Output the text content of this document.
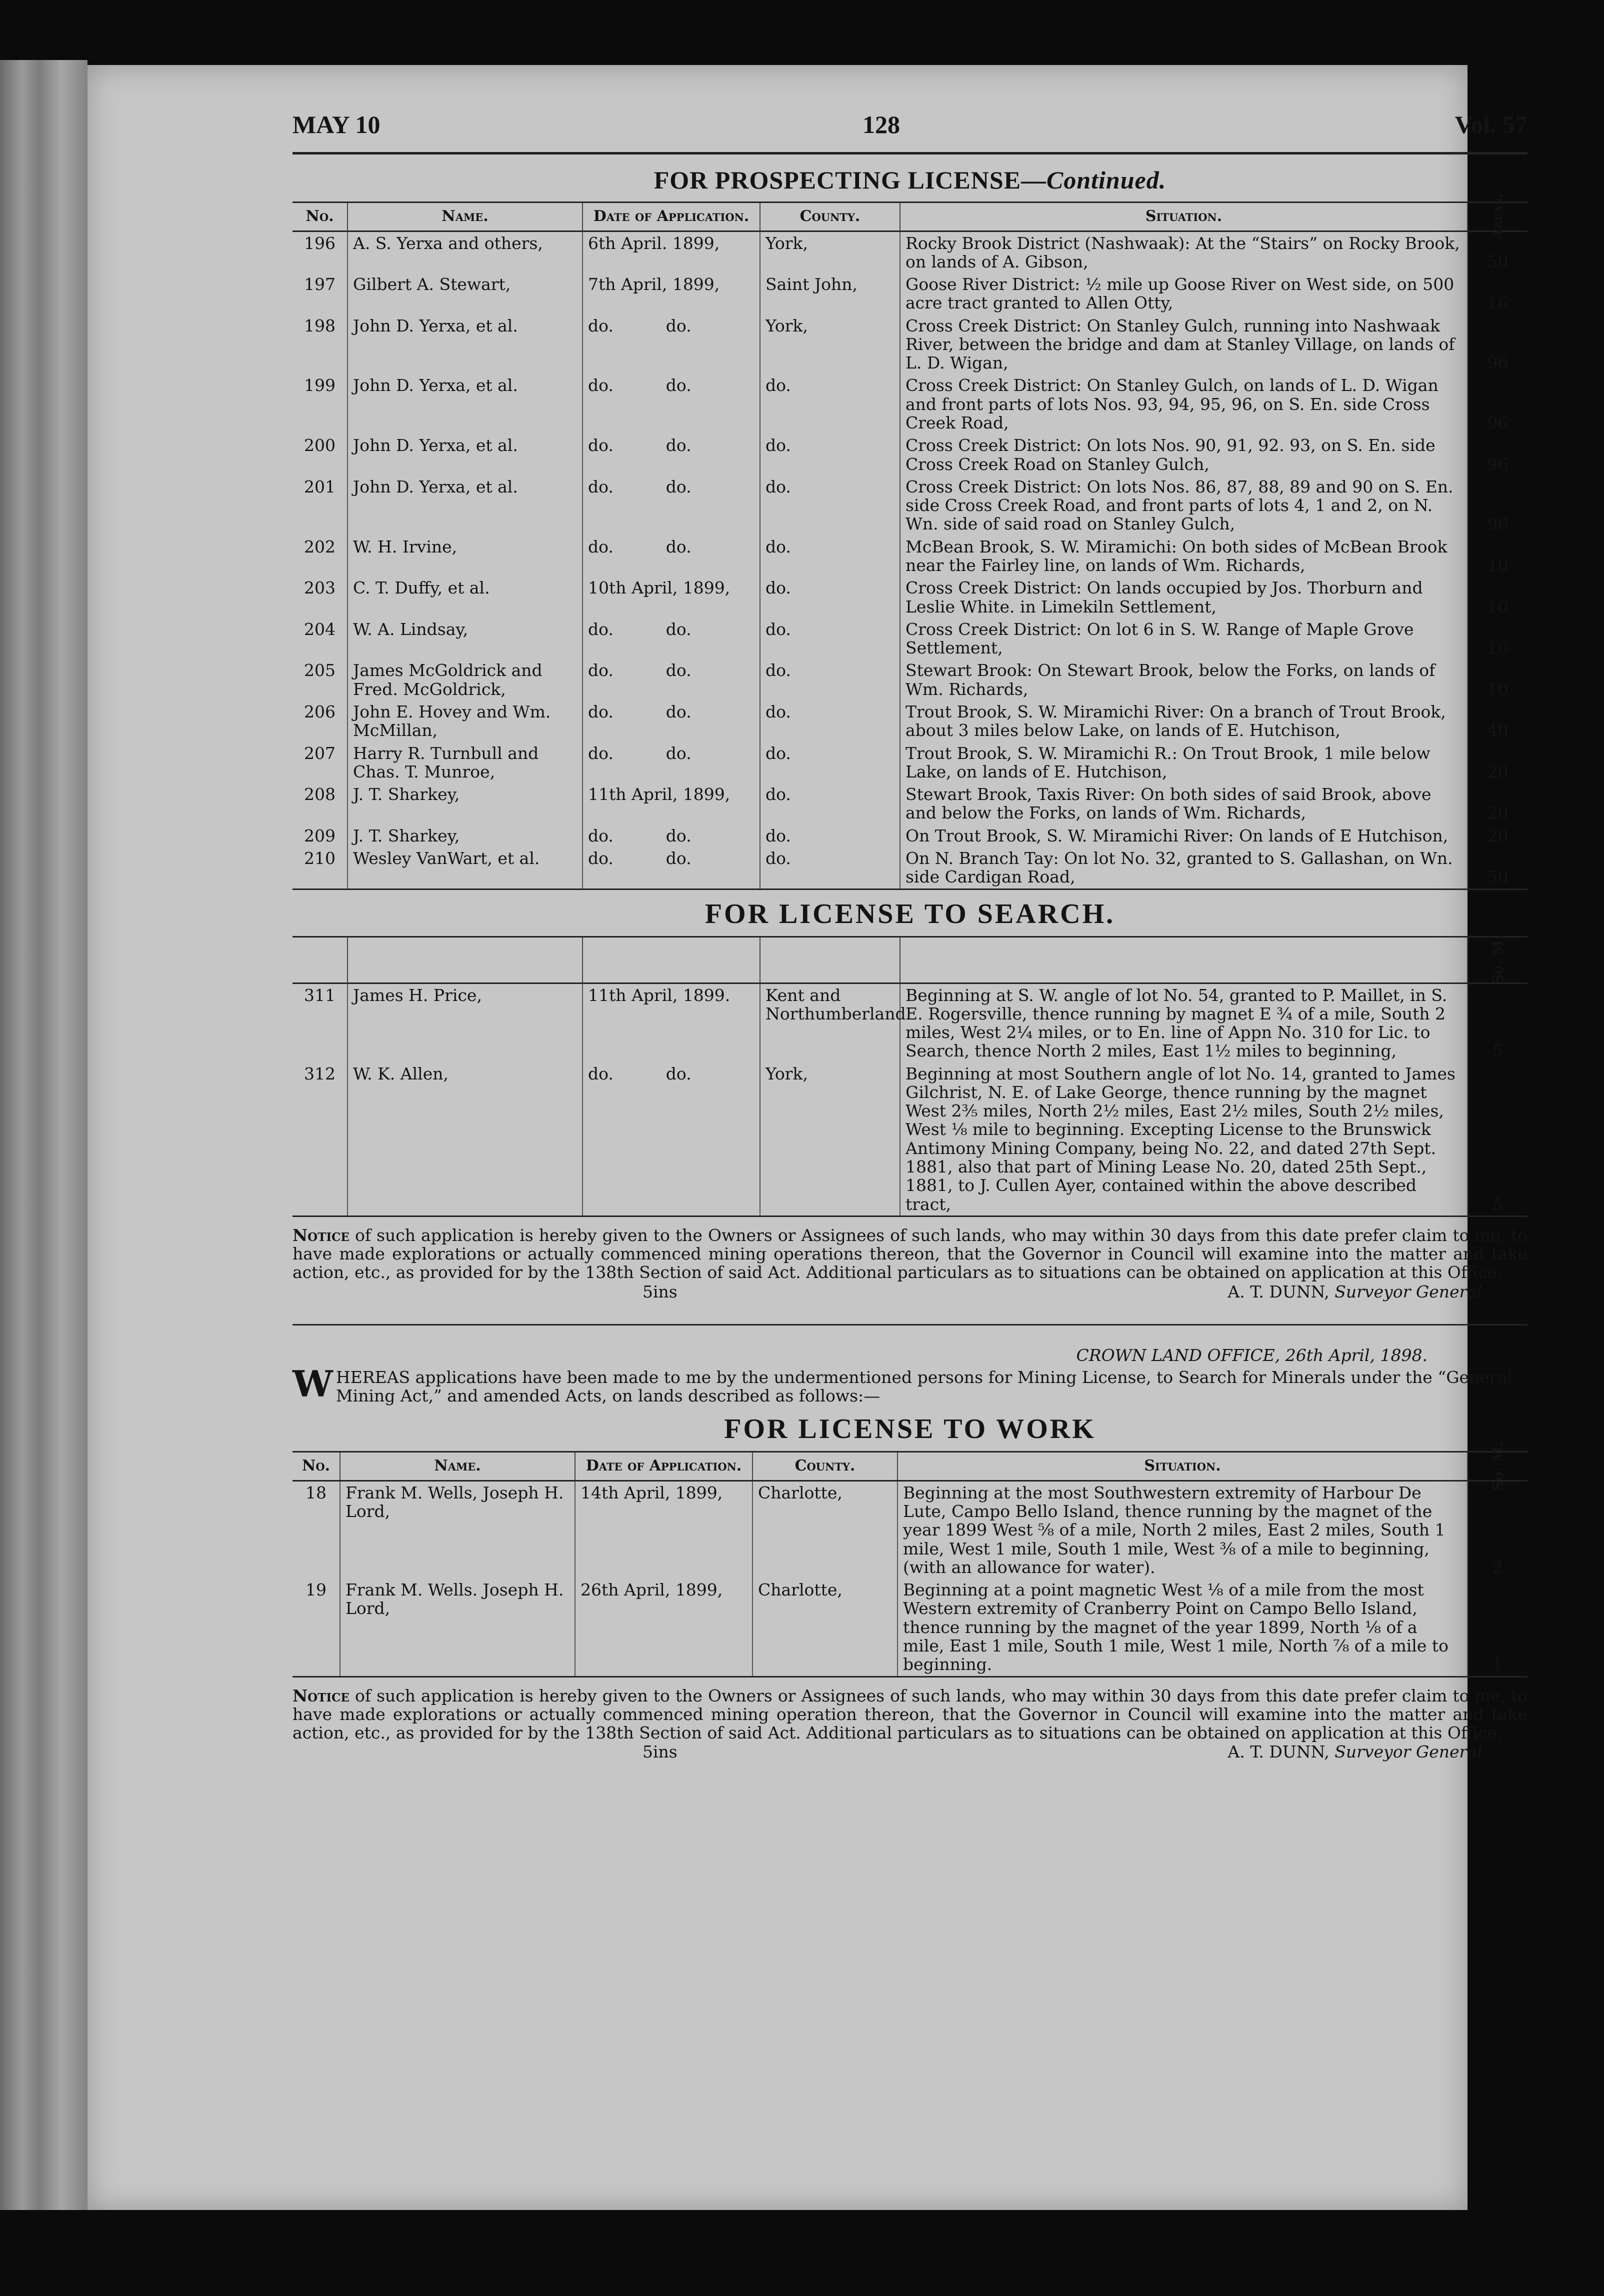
MAY 10	128	Vol. 57
FOR PROSPECTING LICENSE—Continued.
No.	Name.	Date of Application.	County.	Situation.	Areas.
196	A. S. Yerxa and others,	6th April. 1899,	York,	Rocky Brook District (Nashwaak): At the “Stairs” on Rocky Brook, on lands of A. Gibson,	50
197	Gilbert A. Stewart,	7th April, 1899,	Saint John,	Goose River District: ½ mile up Goose River on West side, on 500 acre tract granted to Allen Otty,	16
198	John D. Yerxa, et al.	do.          do.	York,	Cross Creek District: On Stanley Gulch, running into Nashwaak River, between the bridge and dam at Stanley Village, on lands of L. D. Wigan,	96
199	John D. Yerxa, et al.	do.          do.	do.	Cross Creek District: On Stanley Gulch, on lands of L. D. Wigan and front parts of lots Nos. 93, 94, 95, 96, on S. En. side Cross Creek Road,	96
200	John D. Yerxa, et al.	do.          do.	do.	Cross Creek District: On lots Nos. 90, 91, 92. 93, on S. En. side Cross Creek Road on Stanley Gulch,	96
201	John D. Yerxa, et al.	do.          do.	do.	Cross Creek District: On lots Nos. 86, 87, 88, 89 and 90 on S. En. side Cross Creek Road, and front parts of lots 4, 1 and 2, on N. Wn. side of said road on Stanley Gulch,	96
202	W. H. Irvine,	do.          do.	do.	McBean Brook, S. W. Miramichi: On both sides of McBean Brook near the Fairley line, on lands of Wm. Richards,	10
203	C. T. Duffy, et al.	10th April, 1899,	do.	Cross Creek District: On lands occupied by Jos. Thorburn and Leslie White. in Limekiln Settlement,	10
204	W. A. Lindsay,	do.          do.	do.	Cross Creek District: On lot 6 in S. W. Range of Maple Grove Settlement,	10
205	James McGoldrick and Fred. McGoldrick,	do.          do.	do.	Stewart Brook: On Stewart Brook, below the Forks, on lands of Wm. Richards,	10
206	John E. Hovey and Wm. McMillan,	do.          do.	do.	Trout Brook, S. W. Miramichi River: On a branch of Trout Brook, about 3 miles below Lake, on lands of E. Hutchison,	40
207	Harry R. Turnbull and Chas. T. Munroe,	do.          do.	do.	Trout Brook, S. W. Miramichi R.: On Trout Brook, 1 mile below Lake, on lands of E. Hutchison,	20
208	J. T. Sharkey,	11th April, 1899,	do.	Stewart Brook, Taxis River: On both sides of said Brook, above and below the Forks, on lands of Wm. Richards,	20
209	J. T. Sharkey,	do.          do.	do.	On Trout Brook, S. W. Miramichi River: On lands of E Hutchison,	20
210	Wesley VanWart, et al.	do.          do.	do.	On N. Branch Tay: On lot No. 32, granted to S. Gallashan, on Wn. side Cardigan Road,	50
FOR LICENSE TO SEARCH.
					Sq. M.
311	James H. Price,	11th April, 1899.	Kent and Northumberland.	Beginning at S. W. angle of lot No. 54, granted to P. Maillet, in S. E. Rogersville, thence running by magnet E ¾ of a mile, South 2 miles, West 2¼ miles, or to En. line of Appn No. 310 for Lic. to Search, thence North 2 miles, East 1½ miles to beginning,	5
312	W. K. Allen,	do.          do.	York,	Beginning at most Southern angle of lot No. 14, granted to James Gilchrist, N. E. of Lake George, thence running by the magnet West 2⅗ miles, North 2½ miles, East 2½ miles, South 2½ miles, West ⅛ mile to beginning. Excepting License to the Brunswick Antimony Mining Company, being No. 22, and dated 27th Sept. 1881, also that part of Mining Lease No. 20, dated 25th Sept., 1881, to J. Cullen Ayer, contained within the above described tract,	5
Notice of such application is hereby given to the Owners or Assignees of such lands, who may within 30 days from this date prefer claim to me, to have made explorations or actually commenced mining operations thereon, that the Governor in Council will examine into the matter and take action, etc., as provided for by the 138th Section of said Act. Additional particulars as to situations can be obtained on application at this Office.
5ins	A. T. DUNN, Surveyor General.
CROWN LAND OFFICE, 26th April, 1898.
WHEREAS applications have been made to me by the undermentioned persons for Mining License, to Search for Minerals under the “General Mining Act,” and amended Acts, on lands described as follows:—
FOR LICENSE TO WORK
No.	Name.	Date of Application.	County.	Situation.	Sq. M.
18	Frank M. Wells, Joseph H. Lord,	14th April, 1899,	Charlotte,	Beginning at the most Southwestern extremity of Harbour De Lute, Campo Bello Island, thence running by the magnet of the year 1899 West ⅝ of a mile, North 2 miles, East 2 miles, South 1 mile, West 1 mile, South 1 mile, West ⅜ of a mile to beginning, (with an allowance for water).	2
19	Frank M. Wells. Joseph H. Lord,	26th April, 1899,	Charlotte,	Beginning at a point magnetic West ⅛ of a mile from the most Western extremity of Cranberry Point on Campo Bello Island, thence running by the magnet of the year 1899, North ⅛ of a mile, East 1 mile, South 1 mile, West 1 mile, North ⅞ of a mile to beginning.	1
Notice of such application is hereby given to the Owners or Assignees of such lands, who may within 30 days from this date prefer claim to me, to have made explorations or actually commenced mining operation thereon, that the Governor in Council will examine into the matter and take action, etc., as provided for by the 138th Section of said Act. Additional particulars as to situations can be obtained on application at this Office.
5ins	A. T. DUNN, Surveyor General.
